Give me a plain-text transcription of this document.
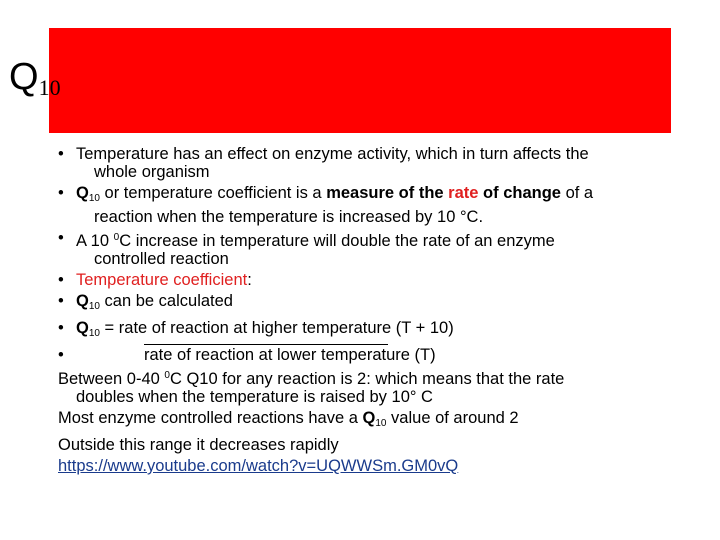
Q10
• Temperature has an effect on enzyme activity, which in turn affects the
whole organism
• $Q_{10}$ or temperature coefficient is a measure of the rate of change of a
reaction when the temperature is increased by 10 °C.
• A 10 $^0$C increase in temperature will double the rate of an enzyme
controlled reaction
• Temperature coefficient:
• $Q_{10}$ can be calculated
• $Q_{10}$ = rate of reaction at higher temperature (T + 10)
•
rate of reaction at lower temperature (T)
Between 0-40 $^0$C Q10 for any reaction is 2: which means that the rate
doubles when the temperature is raised by 10° C
Most enzyme controlled reactions have a $Q_{10}$ value of around 2
Outside this range it decreases rapidly
https://www.youtube.com/watch?v=UQWWSm.GM0vQ
